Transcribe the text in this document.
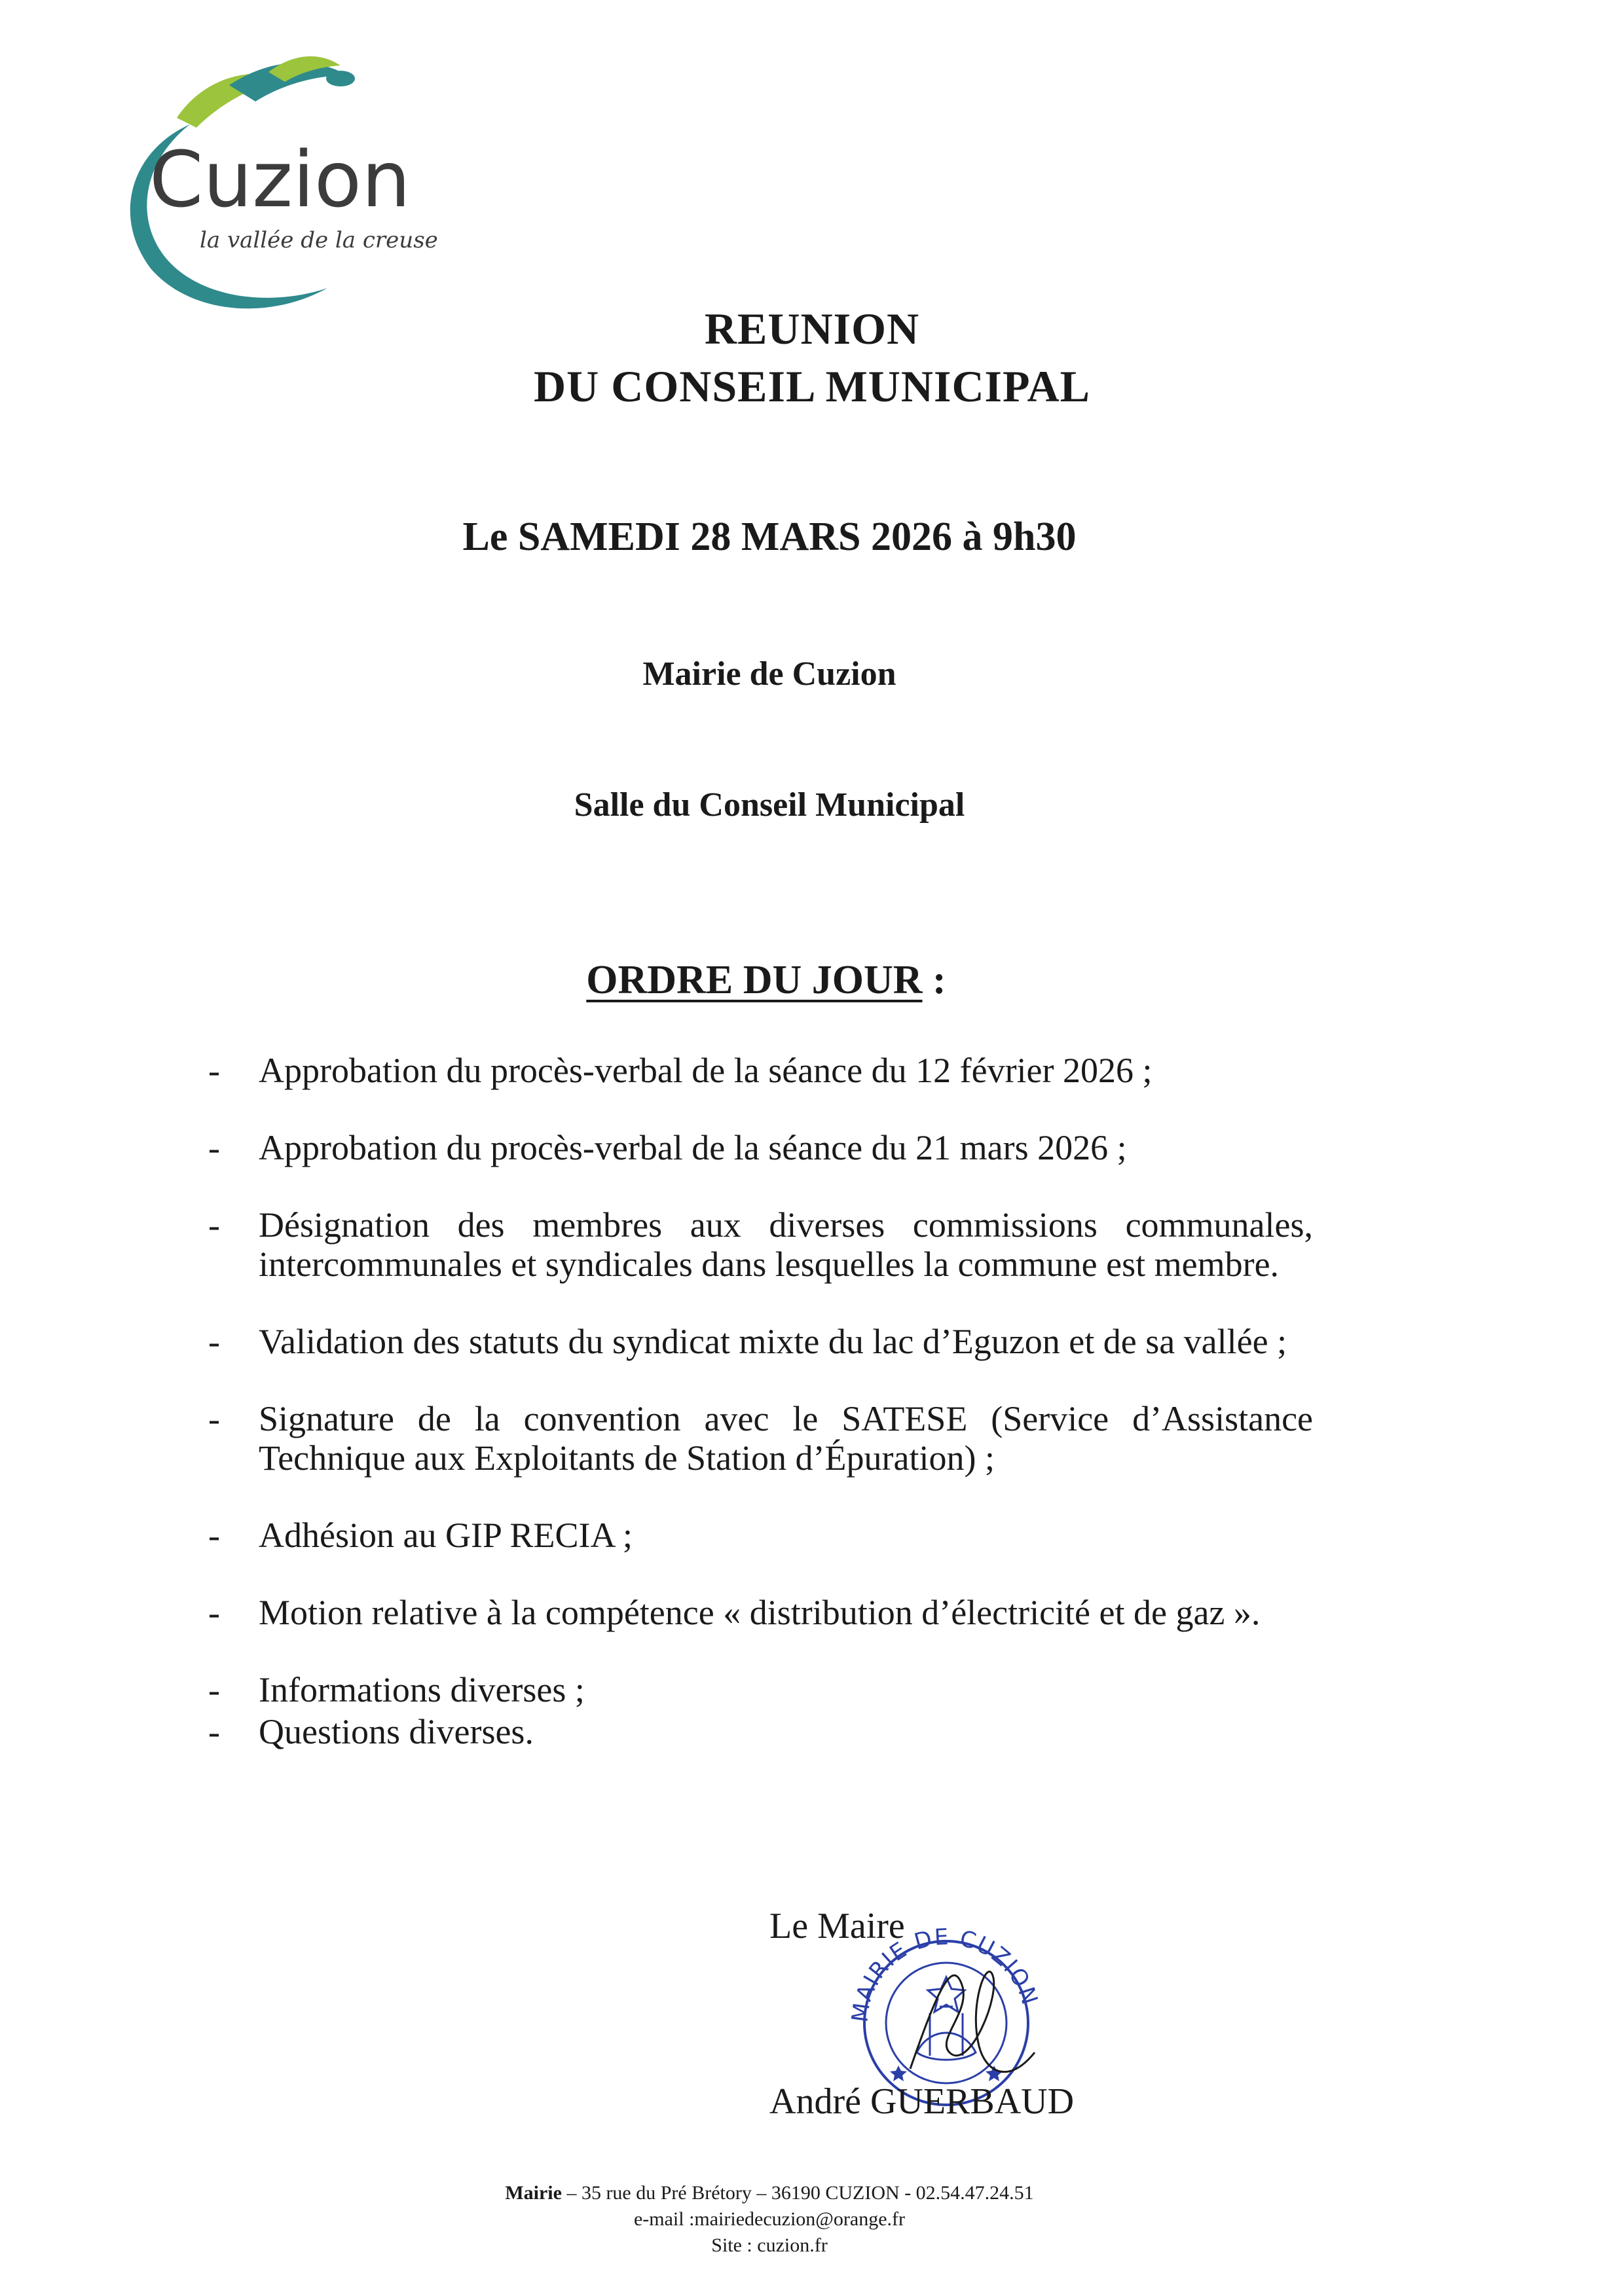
Cuzion
la vallée de la creuse
REUNION
DU CONSEIL MUNICIPAL
Le SAMEDI 28 MARS 2026 à 9h30
Mairie de Cuzion
Salle du Conseil Municipal
ORDRE DU JOUR :
- Approbation du procès-verbal de la séance du 12 février 2026 ;
- Approbation du procès-verbal de la séance du 21 mars 2026 ;
- Désignation des membres aux diverses commissions communales, intercommunales et syndicales dans lesquelles la commune est membre.
- Validation des statuts du syndicat mixte du lac d’Eguzon et de sa vallée ;
- Signature de la convention avec le SATESE (Service d’Assistance Technique aux Exploitants de Station d’Épuration) ;
- Adhésion au GIP RECIA ;
- Motion relative à la compétence « distribution d’électricité et de gaz ».
- Informations diverses ;
- Questions diverses.
Le Maire
MAIRIE DE CUZION
André GUERBAUD
Mairie – 35 rue du Pré Brétory – 36190 CUZION - 02.54.47.24.51
e-mail :mairiedecuzion@orange.fr
Site : cuzion.fr
